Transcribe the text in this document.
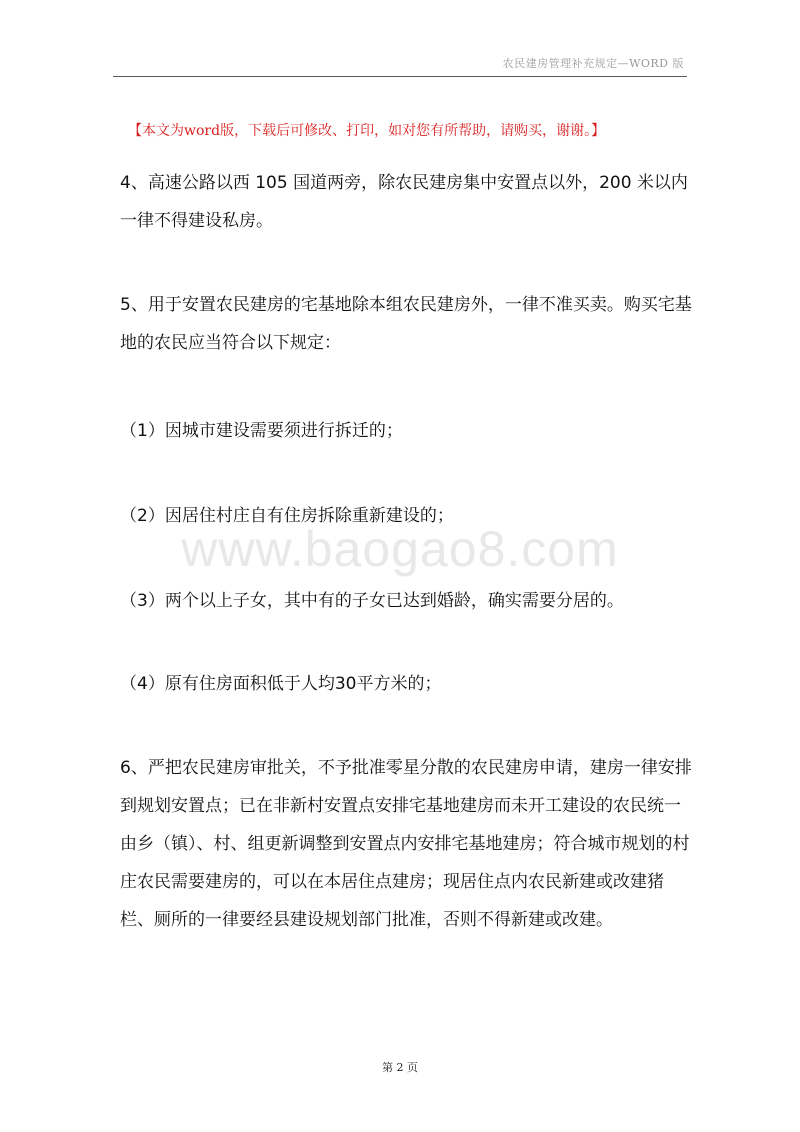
农民建房管理补充规定—WORD 版
【本文为word版，下载后可修改、打印，如对您有所帮助，请购买，谢谢。】

4、高速公路以西 105 国道两旁，除农民建房集中安置点以外，200 米以内一律不得建设私房。

5、用于安置农民建房的宅基地除本组农民建房外，一律不准买卖。购买宅基地的农民应当符合以下规定：

（1）因城市建设需要须进行拆迁的；

（2）因居住村庄自有住房拆除重新建设的；

www.baogao8.com

（3）两个以上子女，其中有的子女已达到婚龄，确实需要分居的。

（4）原有住房面积低于人均30平方米的；

6、严把农民建房审批关，不予批准零星分散的农民建房申请，建房一律安排到规划安置点；已在非新村安置点安排宅基地建房而未开工建设的农民统一由乡（镇）、村、组更新调整到安置点内安排宅基地建房；符合城市规划的村庄农民需要建房的，可以在本居住点建房；现居住点内农民新建或改建猪栏、厕所的一律要经县建设规划部门批准，否则不得新建或改建。

第 2 页
